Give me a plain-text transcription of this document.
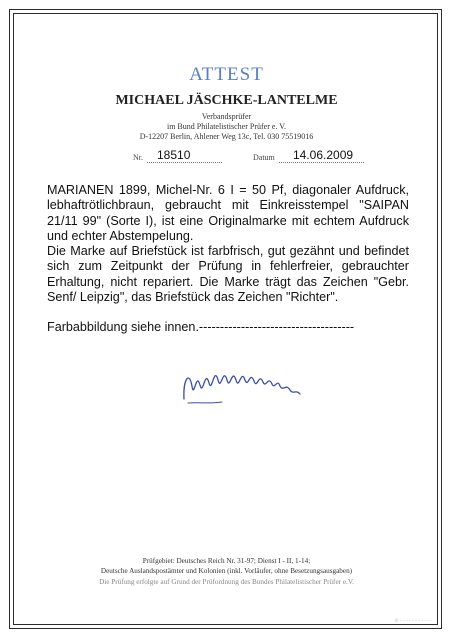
ATTEST
MICHAEL JÄSCHKE-LANTELME
Verbandsprüfer
im Bund Philatelistischer Prüfer e. V.
D-12207 Berlin, Ahlener Weg 13c, Tel. 030 75519016
Nr. 18510	Datum 14.06.2009

MARIANEN 1899, Michel-Nr. 6 I = 50 Pf, diagonaler Aufdruck, lebhaftrötlichbraun, gebraucht mit Einkreisstempel "SAIPAN 21/11 99" (Sorte I), ist eine Originalmarke mit echtem Aufdruck und echter Abstempelung.

Die Marke auf Briefstück ist farbfrisch, gut gezähnt und befindet sich zum Zeitpunkt der Prüfung in fehlerfreier, gebrauchter Erhaltung, nicht repariert. Die Marke trägt das Zeichen "Gebr. Senf/ Leipzig", das Briefstück das Zeichen "Richter".

Farbabbildung siehe innen.-------------------------------------

Prüfgebiet: Deutsches Reich Nr. 31-97; Dienst I - II, 1-14;
Deutsche Auslandspostämter und Kolonien (inkl. Vorläufer, ohne Besetzungsausgaben)
Die Prüfung erfolgte auf Grund der Prüfordnung des Bundes Philatelistischer Prüfer e.V.
© ·····················
